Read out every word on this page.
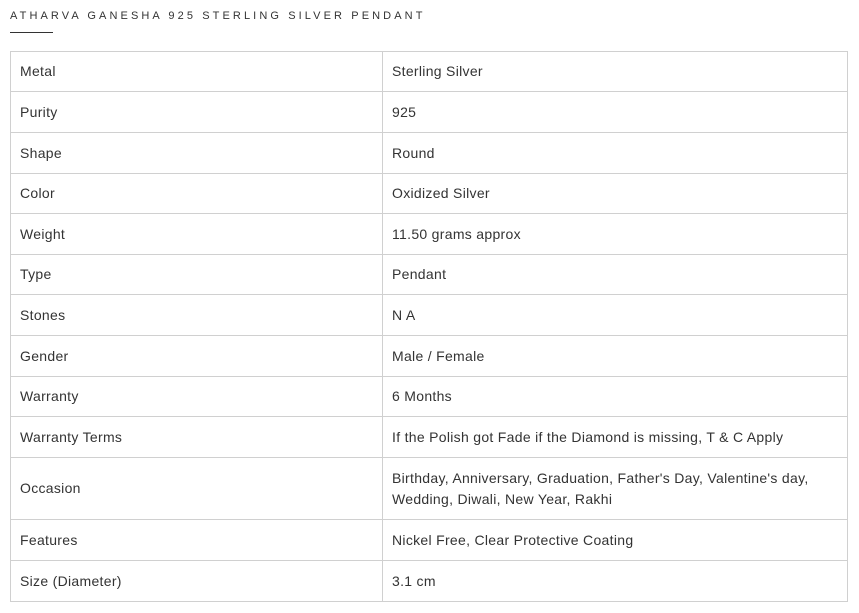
ATHARVA GANESHA 925 STERLING SILVER PENDANT
Metal	Sterling Silver
Purity	925
Shape	Round
Color	Oxidized Silver
Weight	11.50 grams approx
Type	Pendant
Stones	N A
Gender	Male / Female
Warranty	6 Months
Warranty Terms	If the Polish got Fade if the Diamond is missing, T & C Apply
Occasion	Birthday, Anniversary, Graduation, Father's Day, Valentine's day, Wedding, Diwali, New Year, Rakhi
Features	Nickel Free, Clear Protective Coating
Size (Diameter)	3.1 cm
